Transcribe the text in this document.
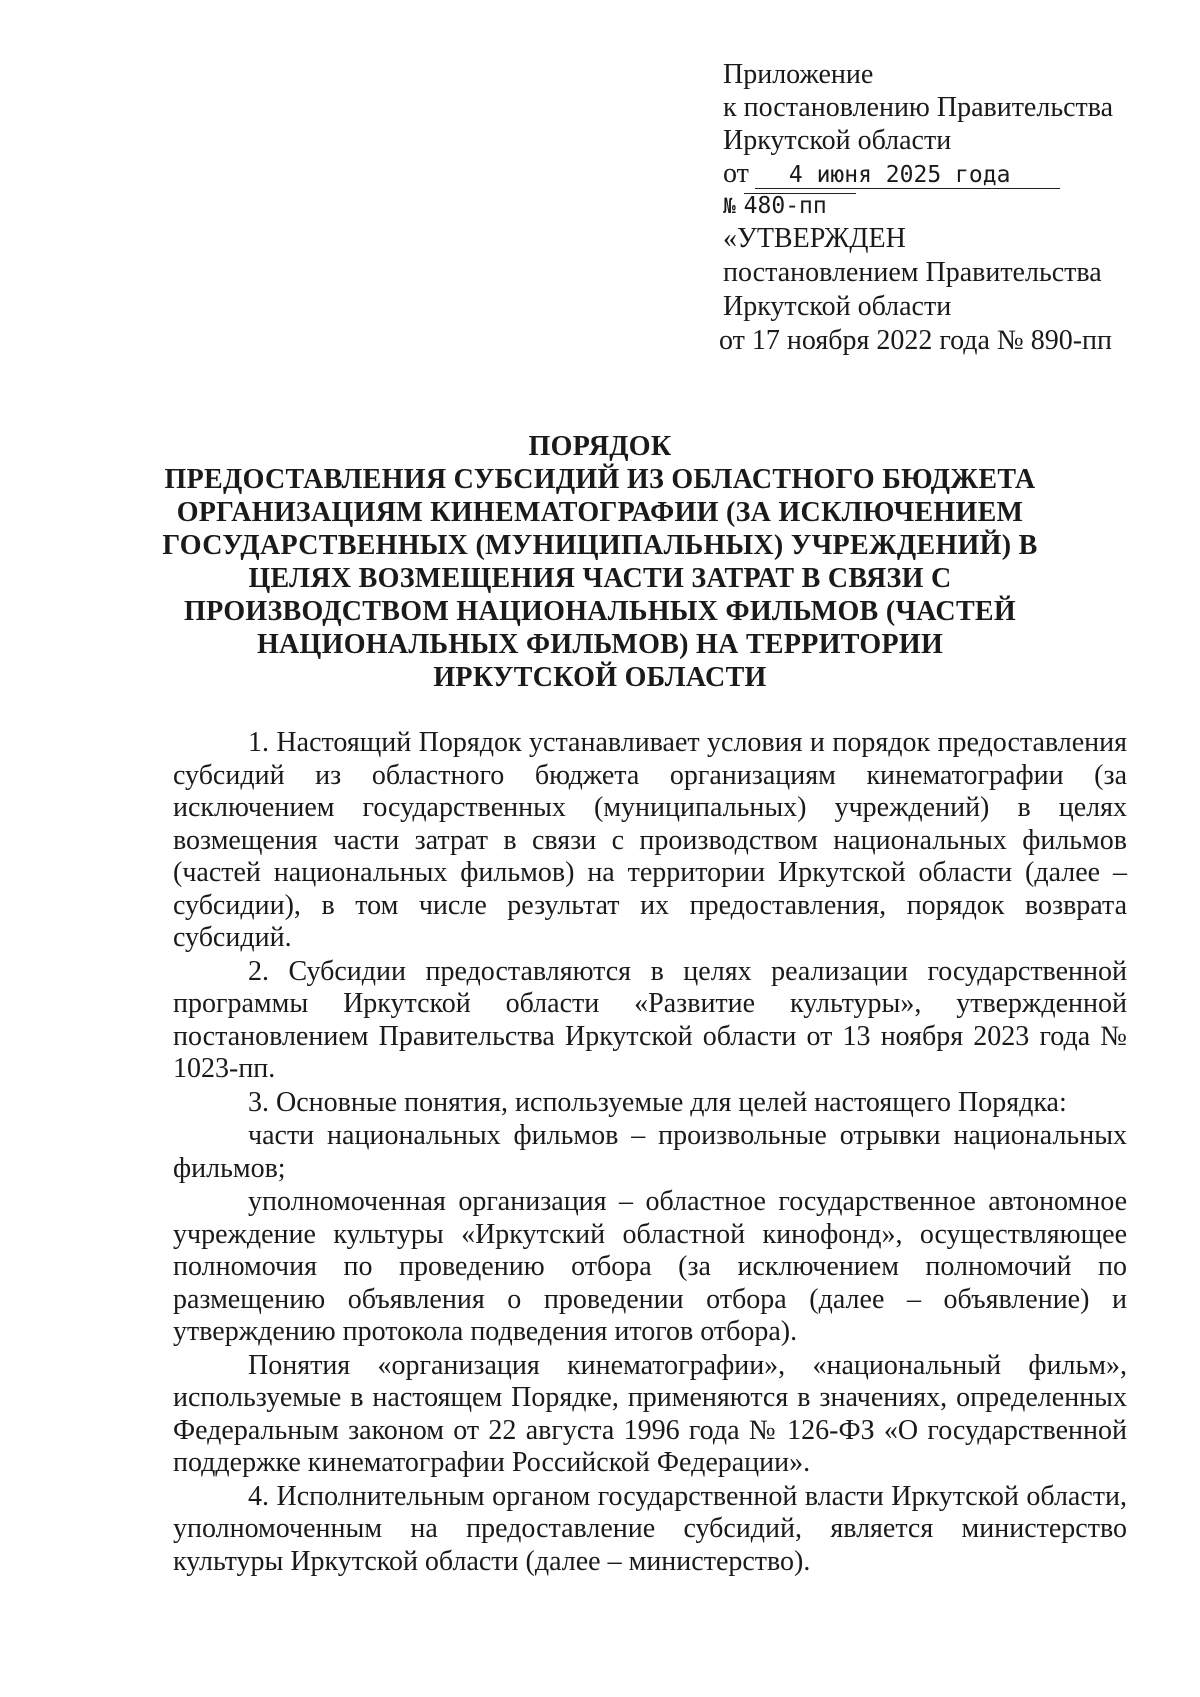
Приложение
к постановлению Правительства
Иркутской области
от	4 июня 2025 года
№ 480-пп
«УТВЕРЖДЕН
постановлением Правительства
Иркутской области
от 17 ноября 2022 года № 890-пп
ПОРЯДОК
ПРЕДОСТАВЛЕНИЯ СУБСИДИЙ ИЗ ОБЛАСТНОГО БЮДЖЕТА
ОРГАНИЗАЦИЯМ КИНЕМАТОГРАФИИ (ЗА ИСКЛЮЧЕНИЕМ
ГОСУДАРСТВЕННЫХ (МУНИЦИПАЛЬНЫХ) УЧРЕЖДЕНИЙ) В
ЦЕЛЯХ ВОЗМЕЩЕНИЯ ЧАСТИ ЗАТРАТ В СВЯЗИ С
ПРОИЗВОДСТВОМ НАЦИОНАЛЬНЫХ ФИЛЬМОВ (ЧАСТЕЙ
НАЦИОНАЛЬНЫХ ФИЛЬМОВ) НА ТЕРРИТОРИИ
ИРКУТСКОЙ ОБЛАСТИ

1. Настоящий Порядок устанавливает условия и порядок предоставления субсидий из областного бюджета организациям кинематографии (за исключением государственных (муниципальных) учреждений) в целях возмещения части затрат в связи с производством национальных фильмов (частей национальных фильмов) на территории Иркутской области (далее – субсидии), в том числе результат их предоставления, порядок возврата субсидий.

2. Субсидии предоставляются в целях реализации государственной программы Иркутской области «Развитие культуры», утвержденной постановлением Правительства Иркутской области от 13 ноября 2023 года № 1023-пп.

3. Основные понятия, используемые для целей настоящего Порядка:

части национальных фильмов – произвольные отрывки национальных фильмов;

уполномоченная организация – областное государственное автономное учреждение культуры «Иркутский областной кинофонд», осуществляющее полномочия по проведению отбора (за исключением полномочий по размещению объявления о проведении отбора (далее – объявление) и утверждению протокола подведения итогов отбора).

Понятия «организация кинематографии», «национальный фильм», используемые в настоящем Порядке, применяются в значениях, определенных Федеральным законом от 22 августа 1996 года № 126-ФЗ «О государственной поддержке кинематографии Российской Федерации».

4. Исполнительным органом государственной власти Иркутской области, уполномоченным на предоставление субсидий, является министерство культуры Иркутской области (далее – министерство).
